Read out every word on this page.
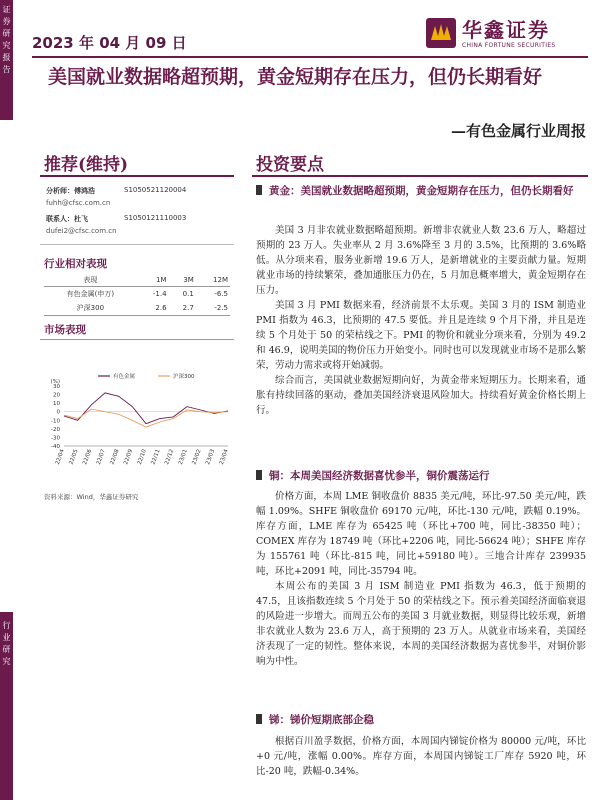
证
券
研
究
报
告
行
业
研
究
2023 年 04 月 09 日
华鑫证券
CHINA FORTUNE SECURITIES
美国就业数据略超预期，黄金短期存在压力，但仍长期看好
—有色金属行业周报
推荐(维持)
分析师：傅鸿浩	S1050521120004
fuhh@cfsc.com.cn
联系人：杜飞	S1050121110003
dufei2@cfsc.com.cn
行业相对表现
表现	1M	3M	12M
有色金属(申万)	-1.4	0.1	-6.5
沪深300	2.6	2.7	-2.5
市场表现
(%)
30
20
10
0
-10
-20
-30
-40
22/04 22/05 22/06 22/07 22/08 22/09 22/10 22/11 22/12 23/01 23/02 23/03 23/04
有色金属	沪深300
资料来源：Wind，华鑫证券研究
投资要点
黄金：美国就业数据略超预期，黄金短期存在压力，但仍长期看好

美国 3 月非农就业数据略超预期。新增非农就业人数 23.6 万人，略超过预期的 23 万人。失业率从 2 月 3.6%降至 3 月的 3.5%，比预期的 3.6%略低。从分项来看，服务业新增 19.6 万人，是新增就业的主要贡献力量。短期就业市场的持续繁荣，叠加通胀压力仍在，5 月加息概率增大，黄金短期存在压力。

美国 3 月 PMI 数据来看，经济前景不太乐观。美国 3 月的 ISM 制造业 PMI 指数为 46.3，比预期的 47.5 要低。并且是连续 9 个月下滑，并且是连续 5 个月处于 50 的荣枯线之下。PMI 的物价和就业分项来看，分别为 49.2 和 46.9，说明美国的物价压力开始变小。同时也可以发现就业市场不是那么繁荣，劳动力需求或将开始减弱。

综合而言，美国就业数据短期向好，为黄金带来短期压力。长期来看，通胀有持续回落的驱动，叠加美国经济衰退风险加大。持续看好黄金价格长期上行。

铜：本周美国经济数据喜忧参半，铜价震荡运行

价格方面，本周 LME 铜收盘价 8835 美元/吨，环比-97.50 美元/吨，跌幅 1.09%。SHFE 铜收盘价 69170 元/吨，环比-130 元/吨，跌幅 0.19%。库存方面，LME 库存为 65425 吨（环比+700 吨，同比-38350 吨）；COMEX 库存为 18749 吨（环比+2206 吨，同比-56624 吨）；SHFE 库存为 155761 吨（环比-815 吨，同比+59180 吨）。三地合计库存 239935 吨，环比+2091 吨，同比-35794 吨。

本周公布的美国 3 月 ISM 制造业 PMI 指数为 46.3，低于预期的 47.5，且该指数连续 5 个月处于 50 的荣枯线之下。预示着美国经济面临衰退的风险进一步增大。而周五公布的美国 3 月就业数据，则显得比较乐观，新增非农就业人数为 23.6 万人，高于预期的 23 万人。从就业市场来看，美国经济表现了一定的韧性。整体来说，本周的美国经济数据为喜忧参半，对铜价影响为中性。

锑：锑价短期底部企稳

根据百川盈孚数据，价格方面，本周国内锑锭价格为 80000 元/吨，环比+0 元/吨，涨幅 0.00%。库存方面，本周国内锑锭工厂库存 5920 吨，环比-20 吨，跌幅-0.34%。
